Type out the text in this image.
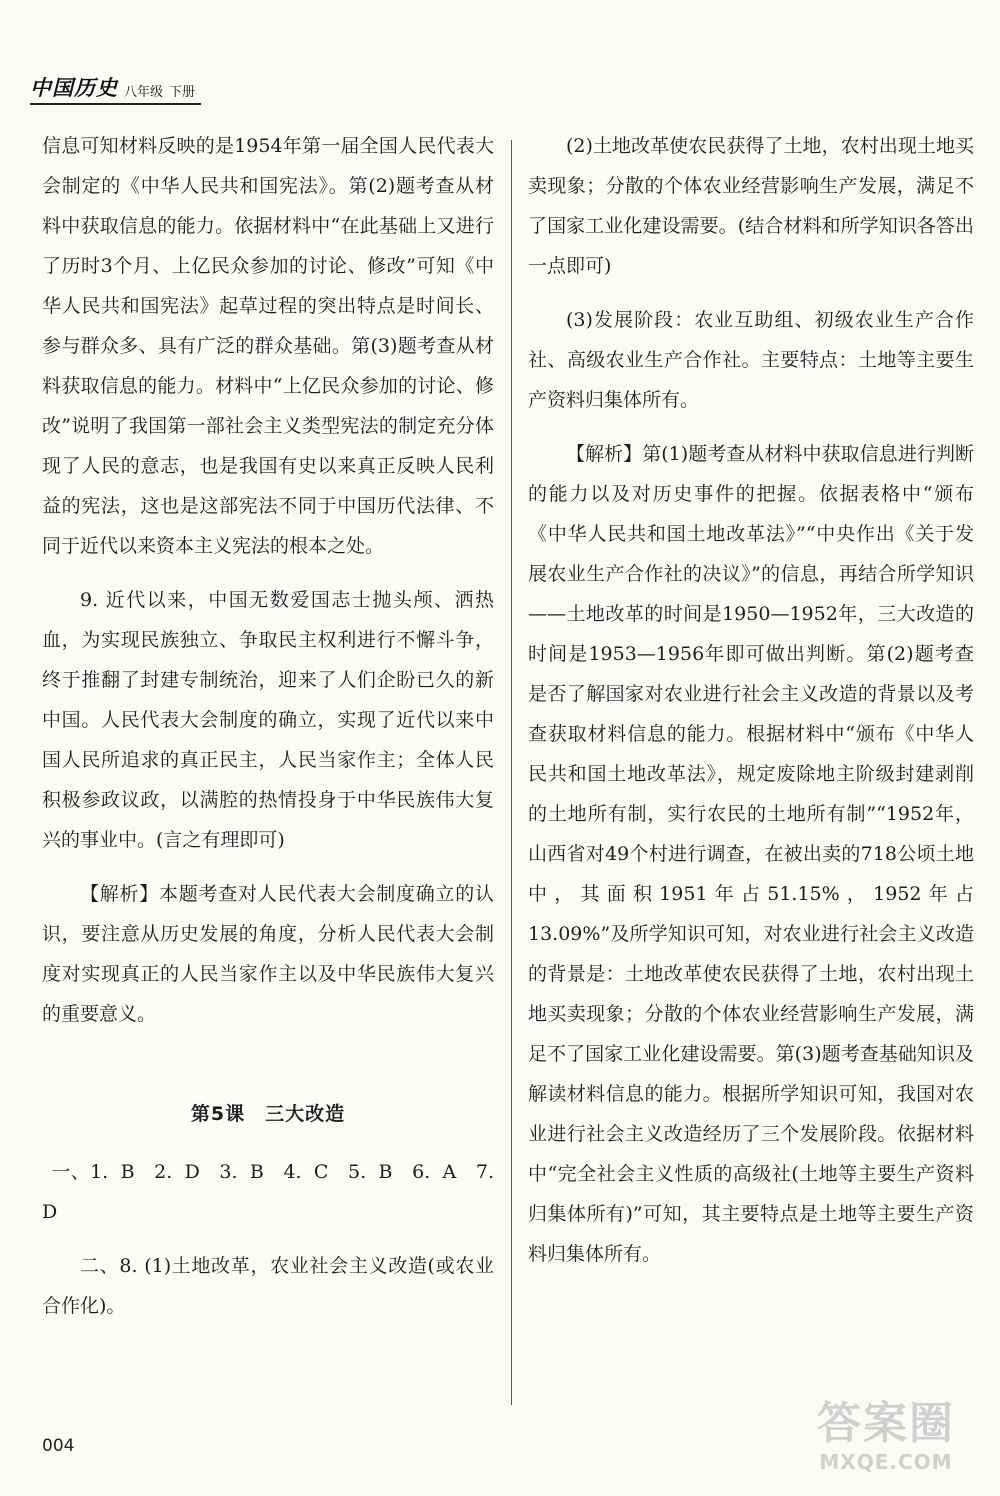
中国历史 八年级 下册

信息可知材料反映的是1954年第一届全国人民代表大会制定的《中华人民共和国宪法》。第(2)题考查从材料中获取信息的能力。依据材料中“在此基础上又进行了历时3个月、上亿民众参加的讨论、修改”可知《中华人民共和国宪法》起草过程的突出特点是时间长、参与群众多、具有广泛的群众基础。第(3)题考查从材料获取信息的能力。材料中“上亿民众参加的讨论、修改”说明了我国第一部社会主义类型宪法的制定充分体现了人民的意志，也是我国有史以来真正反映人民利益的宪法，这也是这部宪法不同于中国历代法律、不同于近代以来资本主义宪法的根本之处。

9. 近代以来，中国无数爱国志士抛头颅、洒热血，为实现民族独立、争取民主权利进行不懈斗争，终于推翻了封建专制统治，迎来了人们企盼已久的新中国。人民代表大会制度的确立，实现了近代以来中国人民所追求的真正民主，人民当家作主；全体人民积极参政议政，以满腔的热情投身于中华民族伟大复兴的事业中。(言之有理即可)

【解析】本题考查对人民代表大会制度确立的认识，要注意从历史发展的角度，分析人民代表大会制度对实现真正的人民当家作主以及中华民族伟大复兴的重要意义。

第5课　三大改造

一、1. B　2. D　3. B　4. C　5. B　6. A　7. D

二、8. (1)土地改革，农业社会主义改造(或农业合作化)。

(2)土地改革使农民获得了土地，农村出现土地买卖现象；分散的个体农业经营影响生产发展，满足不了国家工业化建设需要。(结合材料和所学知识各答出一点即可)

(3)发展阶段：农业互助组、初级农业生产合作社、高级农业生产合作社。主要特点：土地等主要生产资料归集体所有。

【解析】第(1)题考查从材料中获取信息进行判断的能力以及对历史事件的把握。依据表格中“颁布《中华人民共和国土地改革法》”“中央作出《关于发展农业生产合作社的决议》”的信息，再结合所学知识——土地改革的时间是1950—1952年，三大改造的时间是1953—1956年即可做出判断。第(2)题考查是否了解国家对农业进行社会主义改造的背景以及考查获取材料信息的能力。根据材料中“颁布《中华人民共和国土地改革法》，规定废除地主阶级封建剥削的土地所有制，实行农民的土地所有制”“1952年，山西省对49个村进行调查，在被出卖的718公顷土地中，其面积1951年占51.15%，1952年占13.09%”及所学知识可知，对农业进行社会主义改造的背景是：土地改革使农民获得了土地，农村出现土地买卖现象；分散的个体农业经营影响生产发展，满足不了国家工业化建设需要。第(3)题考查基础知识及解读材料信息的能力。根据所学知识可知，我国对农业进行社会主义改造经历了三个发展阶段。依据材料中“完全社会主义性质的高级社(土地等主要生产资料归集体所有)”可知，其主要特点是土地等主要生产资料归集体所有。

004	答案圈
MXQE.COM
